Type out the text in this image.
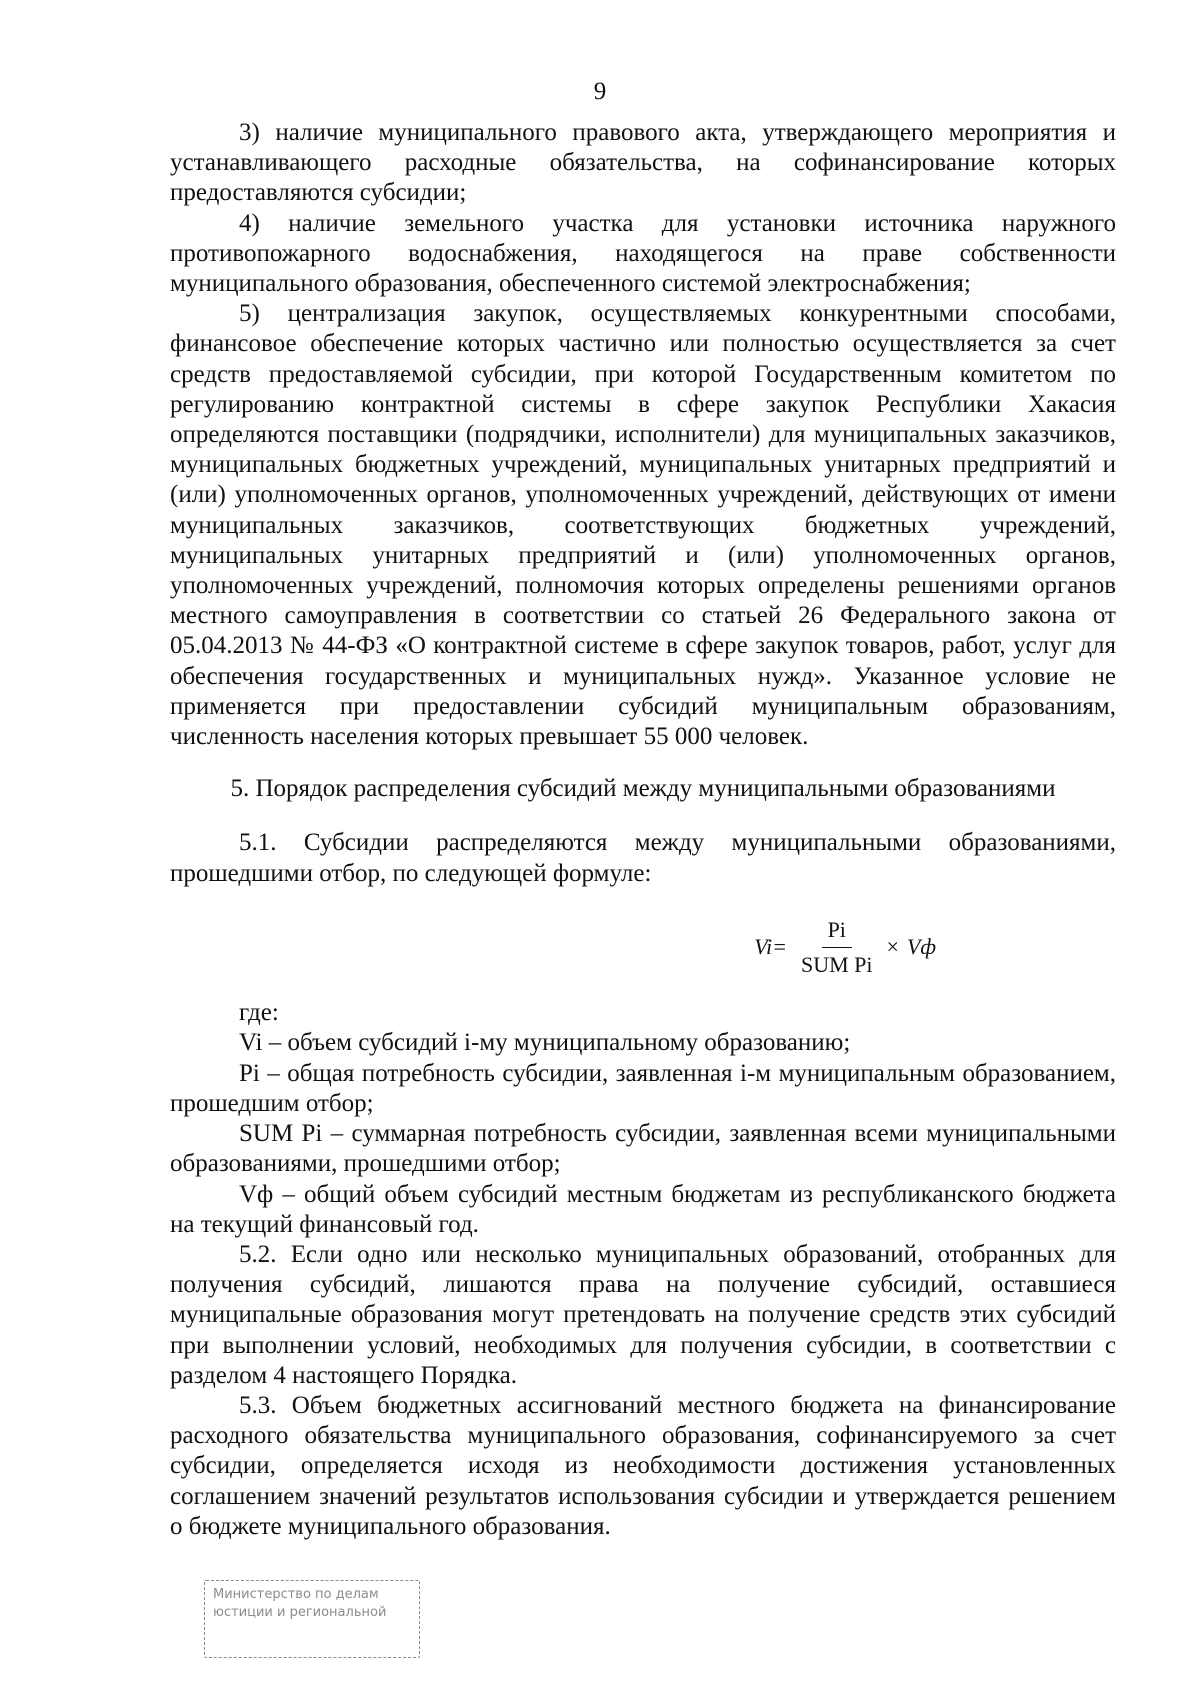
9

3) наличие муниципального правового акта, утверждающего мероприятия и устанавливающего расходные обязательства, на софинансирование которых предоставляются субсидии;

4) наличие земельного участка для установки источника наружного противопожарного водоснабжения, находящегося на праве собственности муниципального образования, обеспеченного системой электроснабжения;

5) централизация закупок, осуществляемых конкурентными способами, финансовое обеспечение которых частично или полностью осуществляется за счет средств предоставляемой субсидии, при которой Государственным комитетом по регулированию контрактной системы в сфере закупок Республики Хакасия определяются поставщики (подрядчики, исполнители) для муниципальных заказчиков, муниципальных бюджетных учреждений, муниципальных унитарных предприятий и (или) уполномоченных органов, уполномоченных учреждений, действующих от имени муниципальных заказчиков, соответствующих бюджетных учреждений, муниципальных унитарных предприятий и (или) уполномоченных органов, уполномоченных учреждений, полномочия которых определены решениями органов местного самоуправления в соответствии со статьей 26 Федерального закона от 05.04.2013 № 44-ФЗ «О контрактной системе в сфере закупок товаров, работ, услуг для обеспечения государственных и муниципальных нужд». Указанное условие не применяется при предоставлении субсидий муниципальным образованиям, численность населения которых превышает 55 000 человек.

5. Порядок распределения субсидий между муниципальными образованиями

5.1. Субсидии распределяются между муниципальными образованиями, прошедшими отбор, по следующей формуле:

$Vi= \frac{Pi}{\text{SUM Pi}}$ × Vф

где:

Vi – объем субсидий i-му муниципальному образованию;

Pi – общая потребность субсидии, заявленная i-м муниципальным образованием, прошедшим отбор;

SUM Pi – суммарная потребность субсидии, заявленная всеми муниципальными образованиями, прошедшими отбор;

Vф – общий объем субсидий местным бюджетам из республиканского бюджета на текущий финансовый год.

5.2. Если одно или несколько муниципальных образований, отобранных для получения субсидий, лишаются права на получение субсидий, оставшиеся муниципальные образования могут претендовать на получение средств этих субсидий при выполнении условий, необходимых для получения субсидии, в соответствии с разделом 4 настоящего Порядка.

5.3. Объем бюджетных ассигнований местного бюджета на финансирование расходного обязательства муниципального образования, софинансируемого за счет субсидии, определяется исходя из необходимости достижения установленных соглашением значений результатов использования субсидии и утверждается решением о бюджете муниципального образования.

Министерство по делам
юстиции и региональной
